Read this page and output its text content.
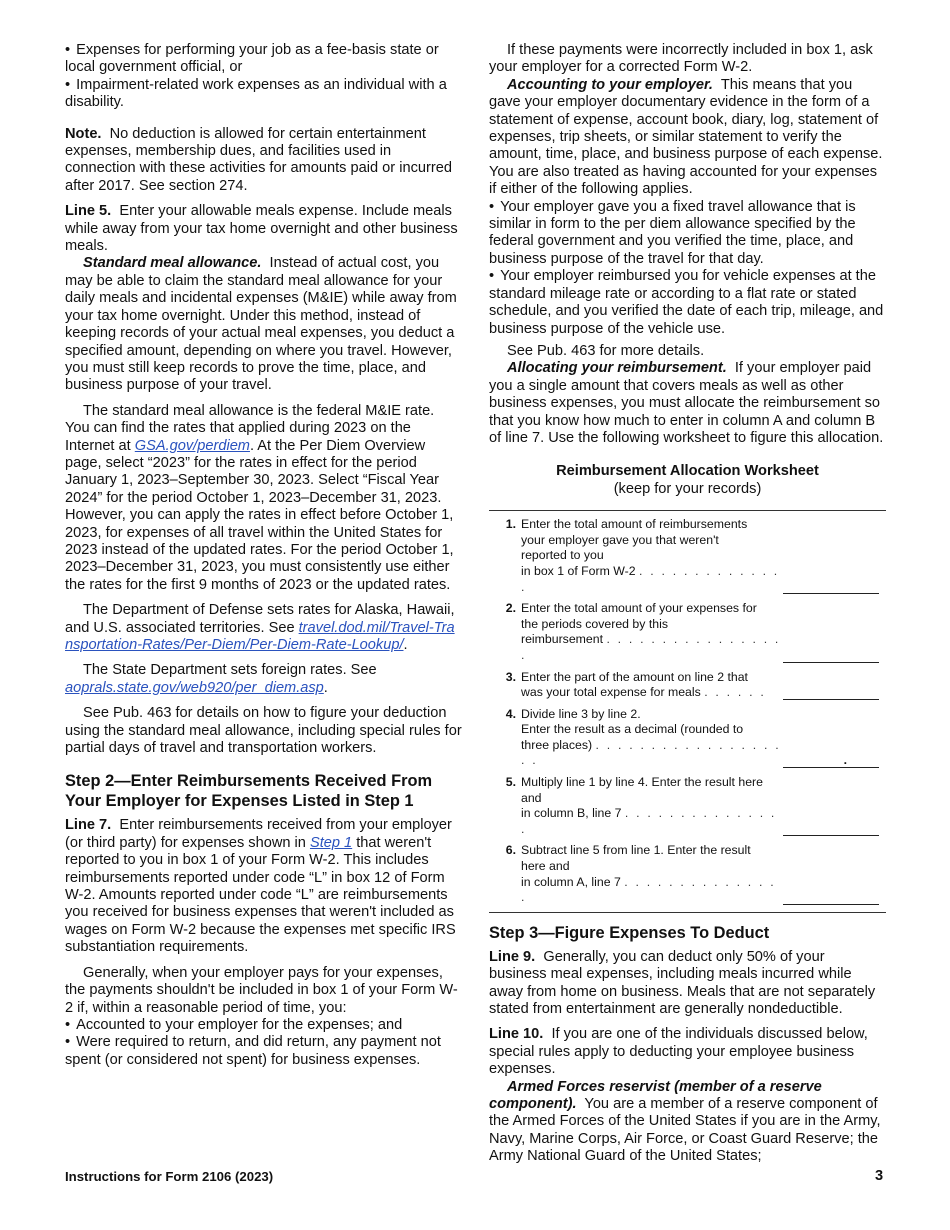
• Expenses for performing your job as a fee-basis state or local government official, or

• Impairment-related work expenses as an individual with a disability.

Note. No deduction is allowed for certain entertainment expenses, membership dues, and facilities used in connection with these activities for amounts paid or incurred after 2017. See section 274.

Line 5. Enter your allowable meals expense. Include meals while away from your tax home overnight and other business meals.

Standard meal allowance. Instead of actual cost, you may be able to claim the standard meal allowance for your daily meals and incidental expenses (M&IE) while away from your tax home overnight. Under this method, instead of keeping records of your actual meal expenses, you deduct a specified amount, depending on where you travel. However, you must still keep records to prove the time, place, and business purpose of your travel.

The standard meal allowance is the federal M&IE rate. You can find the rates that applied during 2023 on the Internet at GSA.gov/perdiem. At the Per Diem Overview page, select “2023” for the rates in effect for the period January 1, 2023–September 30, 2023. Select “Fiscal Year 2024” for the period October 1, 2023–December 31, 2023. However, you can apply the rates in effect before October 1, 2023, for expenses of all travel within the United States for 2023 instead of the updated rates. For the period October 1, 2023–December 31, 2023, you must consistently use either the rates for the first 9 months of 2023 or the updated rates.

The Department of Defense sets rates for Alaska, Hawaii, and U.S. associated territories. See travel.dod.mil/Travel-Transportation-Rates/Per-Diem/Per-Diem-Rate-Lookup/.

The State Department sets foreign rates. See aoprals.state.gov/web920/per_diem.asp.

See Pub. 463 for details on how to figure your deduction using the standard meal allowance, including special rules for partial days of travel and transportation workers.

Step 2—Enter Reimbursements Received From Your Employer for Expenses Listed in Step 1

Line 7. Enter reimbursements received from your employer (or third party) for expenses shown in Step 1 that weren't reported to you in box 1 of your Form W-2. This includes reimbursements reported under code “L” in box 12 of Form W-2. Amounts reported under code “L” are reimbursements you received for business expenses that weren't included as wages on Form W-2 because the expenses met specific IRS substantiation requirements.

Generally, when your employer pays for your expenses, the payments shouldn't be included in box 1 of your Form W-2 if, within a reasonable period of time, you:

• Accounted to your employer for the expenses; and

• Were required to return, and did return, any payment not spent (or considered not spent) for business expenses.

If these payments were incorrectly included in box 1, ask your employer for a corrected Form W-2.

Accounting to your employer. This means that you gave your employer documentary evidence in the form of a statement of expense, account book, diary, log, statement of expenses, trip sheets, or similar statement to verify the amount, time, place, and business purpose of each expense. You are also treated as having accounted for your expenses if either of the following applies.

• Your employer gave you a fixed travel allowance that is similar in form to the per diem allowance specified by the federal government and you verified the time, place, and business purpose of the travel for that day.

• Your employer reimbursed you for vehicle expenses at the standard mileage rate or according to a flat rate or stated schedule, and you verified the date of each trip, mileage, and business purpose of the vehicle use.

See Pub. 463 for more details.

Allocating your reimbursement. If your employer paid you a single amount that covers meals as well as other business expenses, you must allocate the reimbursement so that you know how much to enter in column A and column B of line 7. Use the following worksheet to figure this allocation.

Reimbursement Allocation Worksheet

(keep for your records)

1. Enter the total amount of reimbursements
your employer gave you that weren't
reported to you
in box 1 of Form W-2 . . . . . . . . . . . . . .
2. Enter the total amount of your expenses for
the periods covered by this
reimbursement . . . . . . . . . . . . . . . . .
3. Enter the part of the amount on line 2 that
was your total expense for meals . . . . . .
4. Divide line 3 by line 2.
Enter the result as a decimal (rounded to
three places) . . . . . . . . . . . . . . . . . . .	.
5. Multiply line 1 by line 4. Enter the result here
and
in column B, line 7 . . . . . . . . . . . . . . .
6. Subtract line 5 from line 1. Enter the result
here and
in column A, line 7 . . . . . . . . . . . . . . .
Step 3—Figure Expenses To Deduct

Line 9. Generally, you can deduct only 50% of your business meal expenses, including meals incurred while away from home on business. Meals that are not separately stated from entertainment are generally nondeductible.

Line 10. If you are one of the individuals discussed below, special rules apply to deducting your employee business expenses.

Armed Forces reservist (member of a reserve component). You are a member of a reserve component of the Armed Forces of the United States if you are in the Army, Navy, Marine Corps, Air Force, or Coast Guard Reserve; the Army National Guard of the United States;

Instructions for Form 2106 (2023)	3
